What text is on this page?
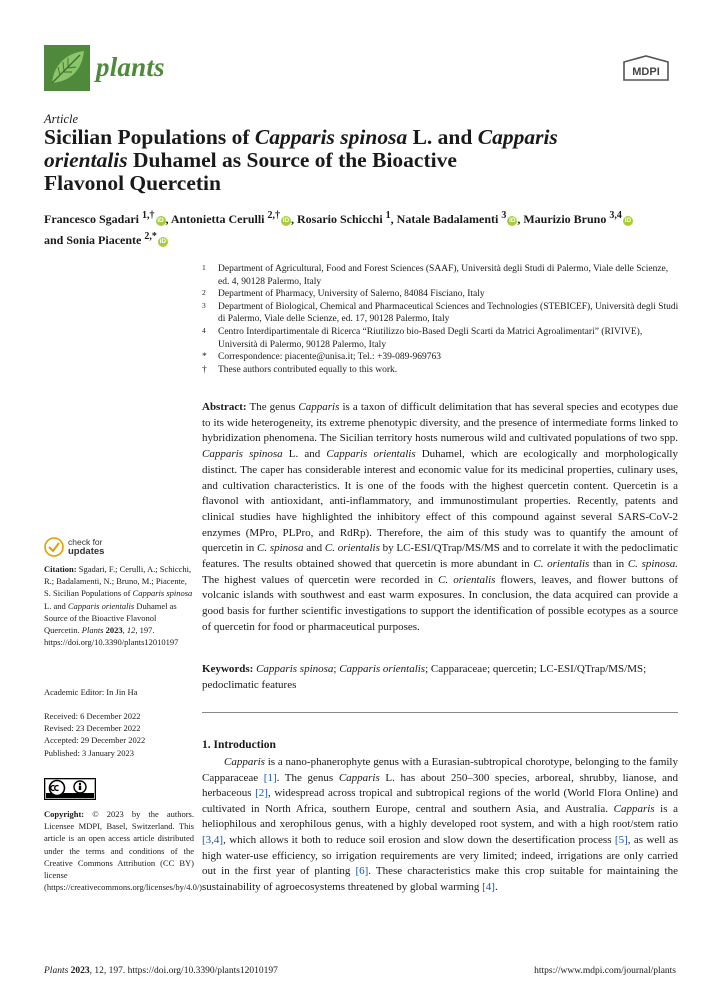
plants	MDPI
Article
Sicilian Populations of Capparis spinosa L. and Capparis
orientalis Duhamel as Source of the Bioactive
Flavonol Quercetin
Francesco Sgadari $^{1,\dagger}$ iD , Antonietta Cerulli $^{2,\dagger}$ iD , Rosario Schicchi $^1$, Natale Badalamenti $^3$ iD , Maurizio Bruno $^{3,4}$ iD
and Sonia Piacente $^{2,*}$ iD
1 Department of Agricultural, Food and Forest Sciences (SAAF), Università degli Studi di Palermo, Viale delle Scienze, ed. 4, 90128 Palermo, Italy
2 Department of Pharmacy, University of Salerno, 84084 Fisciano, Italy
3 Department of Biological, Chemical and Pharmaceutical Sciences and Technologies (STEBICEF), Università degli Studi di Palermo, Viale delle Scienze, ed. 17, 90128 Palermo, Italy
4 Centro Interdipartimentale di Ricerca “Riutilizzo bio-Based Degli Scarti da Matrici Agroalimentari” (RIVIVE), Università di Palermo, 90128 Palermo, Italy
* Correspondence: piacente@unisa.it; Tel.: +39-089-969763
† These authors contributed equally to this work.
Abstract: The genus Capparis is a taxon of difficult delimitation that has several species and ecotypes due to its wide heterogeneity, its extreme phenotypic diversity, and the presence of intermediate forms linked to hybridization phenomena. The Sicilian territory hosts numerous wild and cultivated populations of two spp. Capparis spinosa L. and Capparis orientalis Duhamel, which are ecologically and morphologically distinct. The caper has considerable interest and economic value for its medicinal properties, culinary uses, and cultivation characteristics. It is one of the foods with the highest quercetin content. Quercetin is a flavonol with antioxidant, anti-inflammatory, and immunostimulant properties. Recently, patents and clinical studies have highlighted the inhibitory effect of this compound against several SARS-CoV-2 enzymes (MPro, PLPro, and RdRp). Therefore, the aim of this study was to quantify the amount of quercetin in C. spinosa and C. orientalis by LC-ESI/QTrap/MS/MS and to correlate it with the pedoclimatic features. The results obtained showed that quercetin is more abundant in C. orientalis than in C. spinosa. The highest values of quercetin were recorded in C. orientalis flowers, leaves, and flower buttons of volcanic islands with southwest and east warm exposures. In conclusion, the data acquired can provide a good basis for further scientific investigations to support the identification of possible ecotypes as a source of quercetin for food or pharmaceutical purposes.
Keywords: Capparis spinosa; Capparis orientalis; Capparaceae; quercetin; LC-ESI/QTrap/MS/MS; pedoclimatic features
1. Introduction
Capparis is a nano-phanerophyte genus with a Eurasian-subtropical chorotype, belonging to the family Capparaceae [1]. The genus Capparis L. has about 250–300 species, arboreal, shrubby, lianose, and herbaceous [2], widespread across tropical and subtropical regions of the world (World Flora Online) and cultivated in North Africa, southern Europe, central and southern Asia, and Australia. Capparis is a heliophilous and xerophilous genus, with a highly developed root system, and with a high root/stem ratio [3,4], which allows it both to reduce soil erosion and slow down the desertification process [5], as well as high water-use efficiency, so irrigation requirements are very limited; indeed, irrigations are only carried out in the first year of planting [6]. These characteristics make this crop suitable for maintaining the sustainability of agroecosystems threatened by global warming [4].
check for
updates
Citation: Sgadari, F.; Cerulli, A.; Schicchi, R.; Badalamenti, N.; Bruno, M.; Piacente, S. Sicilian Populations of Capparis spinosa L. and Capparis orientalis Duhamel as Source of the Bioactive Flavonol Quercetin. Plants 2023, 12, 197. https://doi.org/10.3390/plants12010197
Academic Editor: In Jin Ha
Received: 6 December 2022
Revised: 23 December 2022
Accepted: 29 December 2022
Published: 3 January 2023
Copyright: © 2023 by the authors. Licensee MDPI, Basel, Switzerland. This article is an open access article distributed under the terms and conditions of the Creative Commons Attribution (CC BY) license (https://creativecommons.org/licenses/by/4.0/).
Plants 2023, 12, 197. https://doi.org/10.3390/plants12010197	https://www.mdpi.com/journal/plants
